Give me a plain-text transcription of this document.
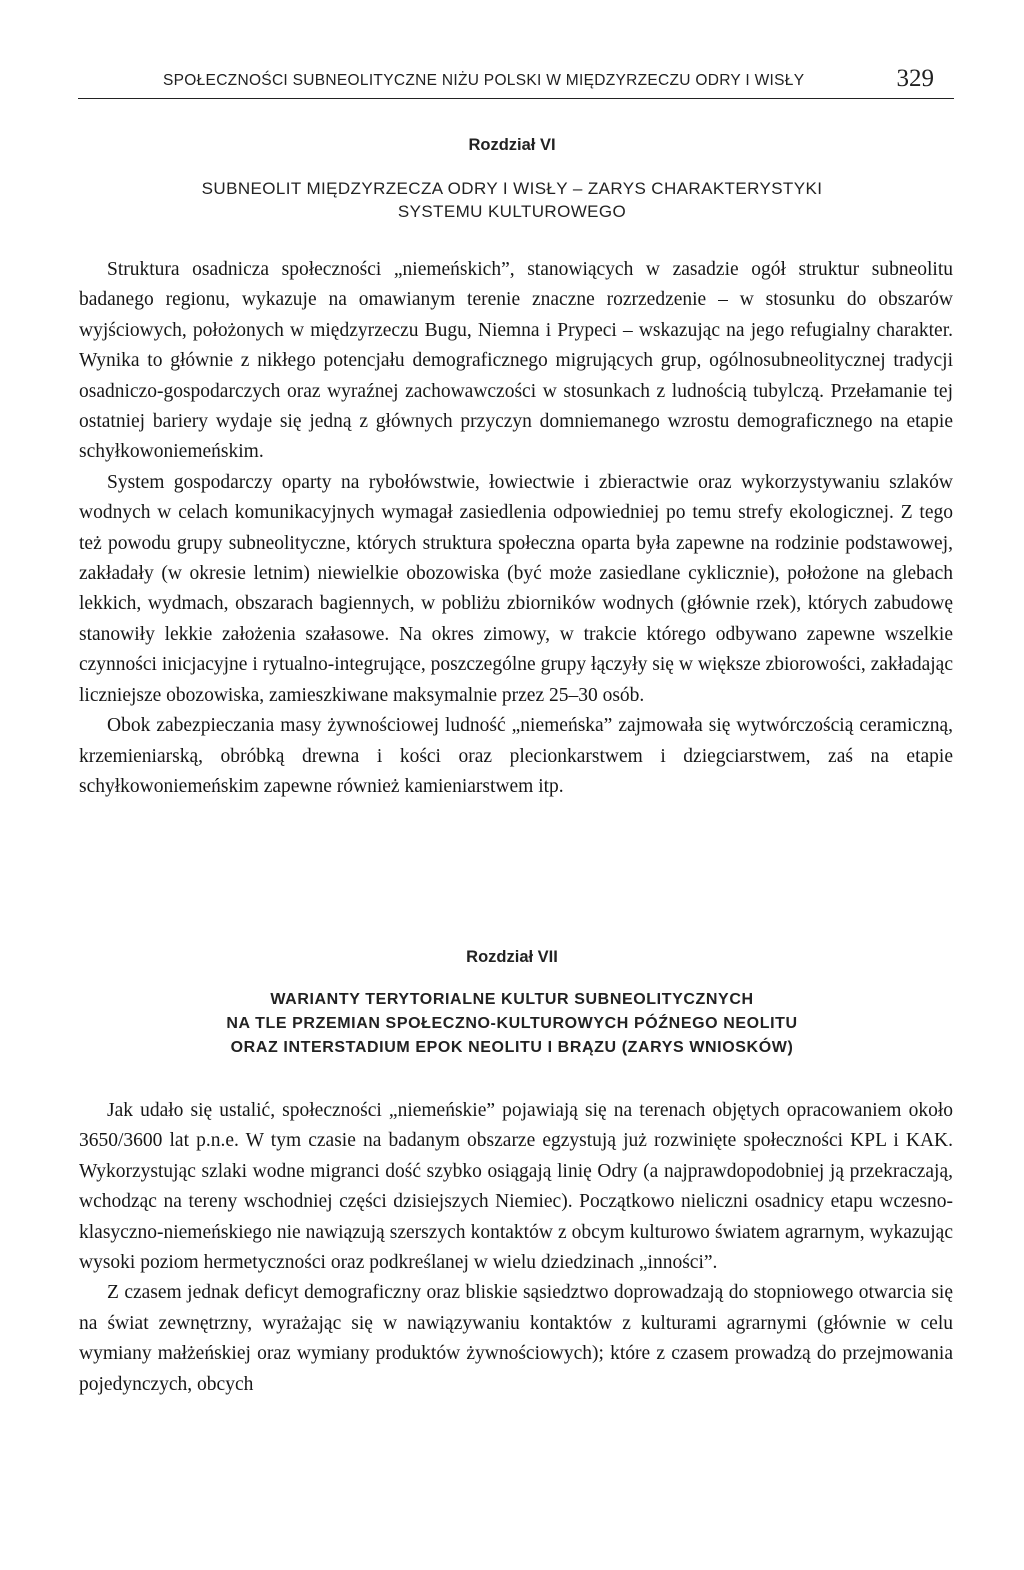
SPOŁECZNOŚCI SUBNEOLITYCZNE NIŻU POLSKI W MIĘDZYRZECZU ODRY I WISŁY	329
Rozdział VI
SUBNEOLIT MIĘDZYRZECZA ODRY I WISŁY – ZARYS CHARAKTERYSTYKI
SYSTEMU KULTUROWEGO

Struktura osadnicza społeczności „niemeńskich”, stanowiących w zasadzie ogół struktur subneolitu badanego regionu, wykazuje na omawianym terenie znaczne rozrzedzenie – w stosunku do obszarów wyjściowych, położonych w międzyrzeczu Bugu, Niemna i Prypeci – wskazując na jego refugialny charakter. Wynika to głównie z nikłego potencjału demograficznego migrujących grup, ogólnosubneolitycznej tradycji osadniczo-gospodarczych oraz wyraźnej zachowawczości w stosunkach z ludnością tubylczą. Przełamanie tej ostatniej bariery wydaje się jedną z głównych przyczyn domniemanego wzrostu demograficznego na etapie schyłkowoniemeńskim.

System gospodarczy oparty na rybołówstwie, łowiectwie i zbieractwie oraz wykorzystywaniu szlaków wodnych w celach komunikacyjnych wymagał zasiedlenia odpowiedniej po temu strefy ekologicznej. Z tego też powodu grupy subneolityczne, których struktura społeczna oparta była zapewne na rodzinie podstawowej, zakładały (w okresie letnim) niewielkie obozowiska (być może zasiedlane cyklicznie), położone na glebach lekkich, wydmach, obszarach bagiennych, w pobliżu zbiorników wodnych (głównie rzek), których zabudowę stanowiły lekkie założenia szałasowe. Na okres zimowy, w trakcie którego odbywano zapewne wszelkie czynności inicjacyjne i rytualno-integrujące, poszczególne grupy łączyły się w większe zbiorowości, zakładając liczniejsze obozowiska, zamieszkiwane maksymalnie przez 25–30 osób.

Obok zabezpieczania masy żywnościowej ludność „niemeńska” zajmowała się wytwórczością ceramiczną, krzemieniarską, obróbką drewna i kości oraz plecionkarstwem i dziegciarstwem, zaś na etapie schyłkowoniemeńskim zapewne również kamieniarstwem itp.

Rozdział VII
WARIANTY TERYTORIALNE KULTUR SUBNEOLITYCZNYCH
NA TLE PRZEMIAN SPOŁECZNO-KULTUROWYCH PÓŹNEGO NEOLITU
ORAZ INTERSTADIUM EPOK NEOLITU I BRĄZU (ZARYS WNIOSKÓW)

Jak udało się ustalić, społeczności „niemeńskie” pojawiają się na terenach objętych opracowaniem około 3650/3600 lat p.n.e. W tym czasie na badanym obszarze egzystują już rozwinięte społeczności KPL i KAK. Wykorzystując szlaki wodne migranci dość szybko osiągają linię Odry (a najprawdopodobniej ją przekraczają, wchodząc na tereny wschodniej części dzisiejszych Niemiec). Początkowo nieliczni osadnicy etapu wczesno-klasyczno-niemeńskiego nie nawiązują szerszych kontaktów z obcym kulturowo światem agrarnym, wykazując wysoki poziom hermetyczności oraz podkreślanej w wielu dziedzinach „inności”.

Z czasem jednak deficyt demograficzny oraz bliskie sąsiedztwo doprowadzają do stopniowego otwarcia się na świat zewnętrzny, wyrażając się w nawiązywaniu kontaktów z kulturami agrarnymi (głównie w celu wymiany małżeńskiej oraz wymiany produktów żywnościowych); które z czasem prowadzą do przejmowania pojedynczych, obcych
